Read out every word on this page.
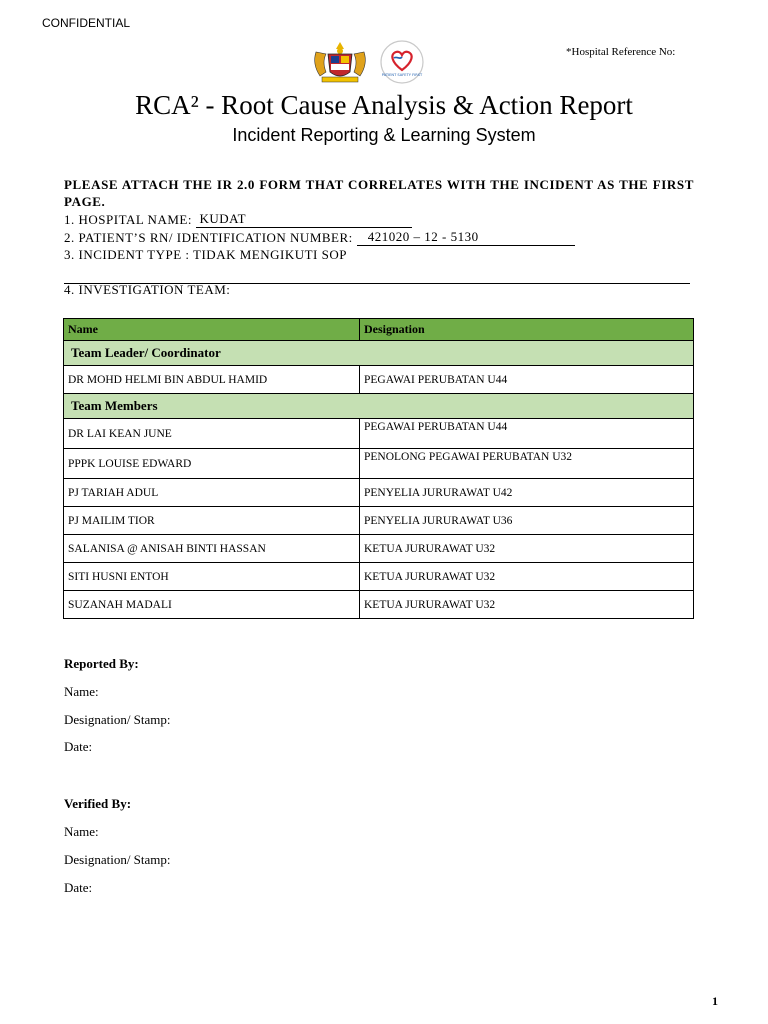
CONFIDENTIAL
PATIENT SAFETY FIRST
*Hospital Reference No:
RCA² - Root Cause Analysis & Action Report
Incident Reporting & Learning System
PLEASE ATTACH THE IR 2.0 FORM THAT CORRELATES WITH THE INCIDENT AS THE FIRST PAGE.
1. HOSPITAL NAME: KUDAT
2. PATIENT’S RN/ IDENTIFICATION NUMBER: 421020 – 12 - 5130
3. INCIDENT TYPE : TIDAK MENGIKUTI SOP
4. INVESTIGATION TEAM:
Name	Designation
Team Leader/ Coordinator	
DR MOHD HELMI BIN ABDUL HAMID	PEGAWAI PERUBATAN U44
Team Members	
DR LAI KEAN JUNE	PEGAWAI PERUBATAN U44
PPPK LOUISE EDWARD	PENOLONG PEGAWAI PERUBATAN U32
PJ TARIAH ADUL	PENYELIA JURURAWAT U42
PJ MAILIM TIOR	PENYELIA JURURAWAT U36
SALANISA @ ANISAH BINTI HASSAN	KETUA JURURAWAT U32
SITI HUSNI ENTOH	KETUA JURURAWAT U32
SUZANAH MADALI	KETUA JURURAWAT U32
Reported By:
Name:
Designation/ Stamp:
Date:
Verified By:
Name:
Designation/ Stamp:
Date:
1
